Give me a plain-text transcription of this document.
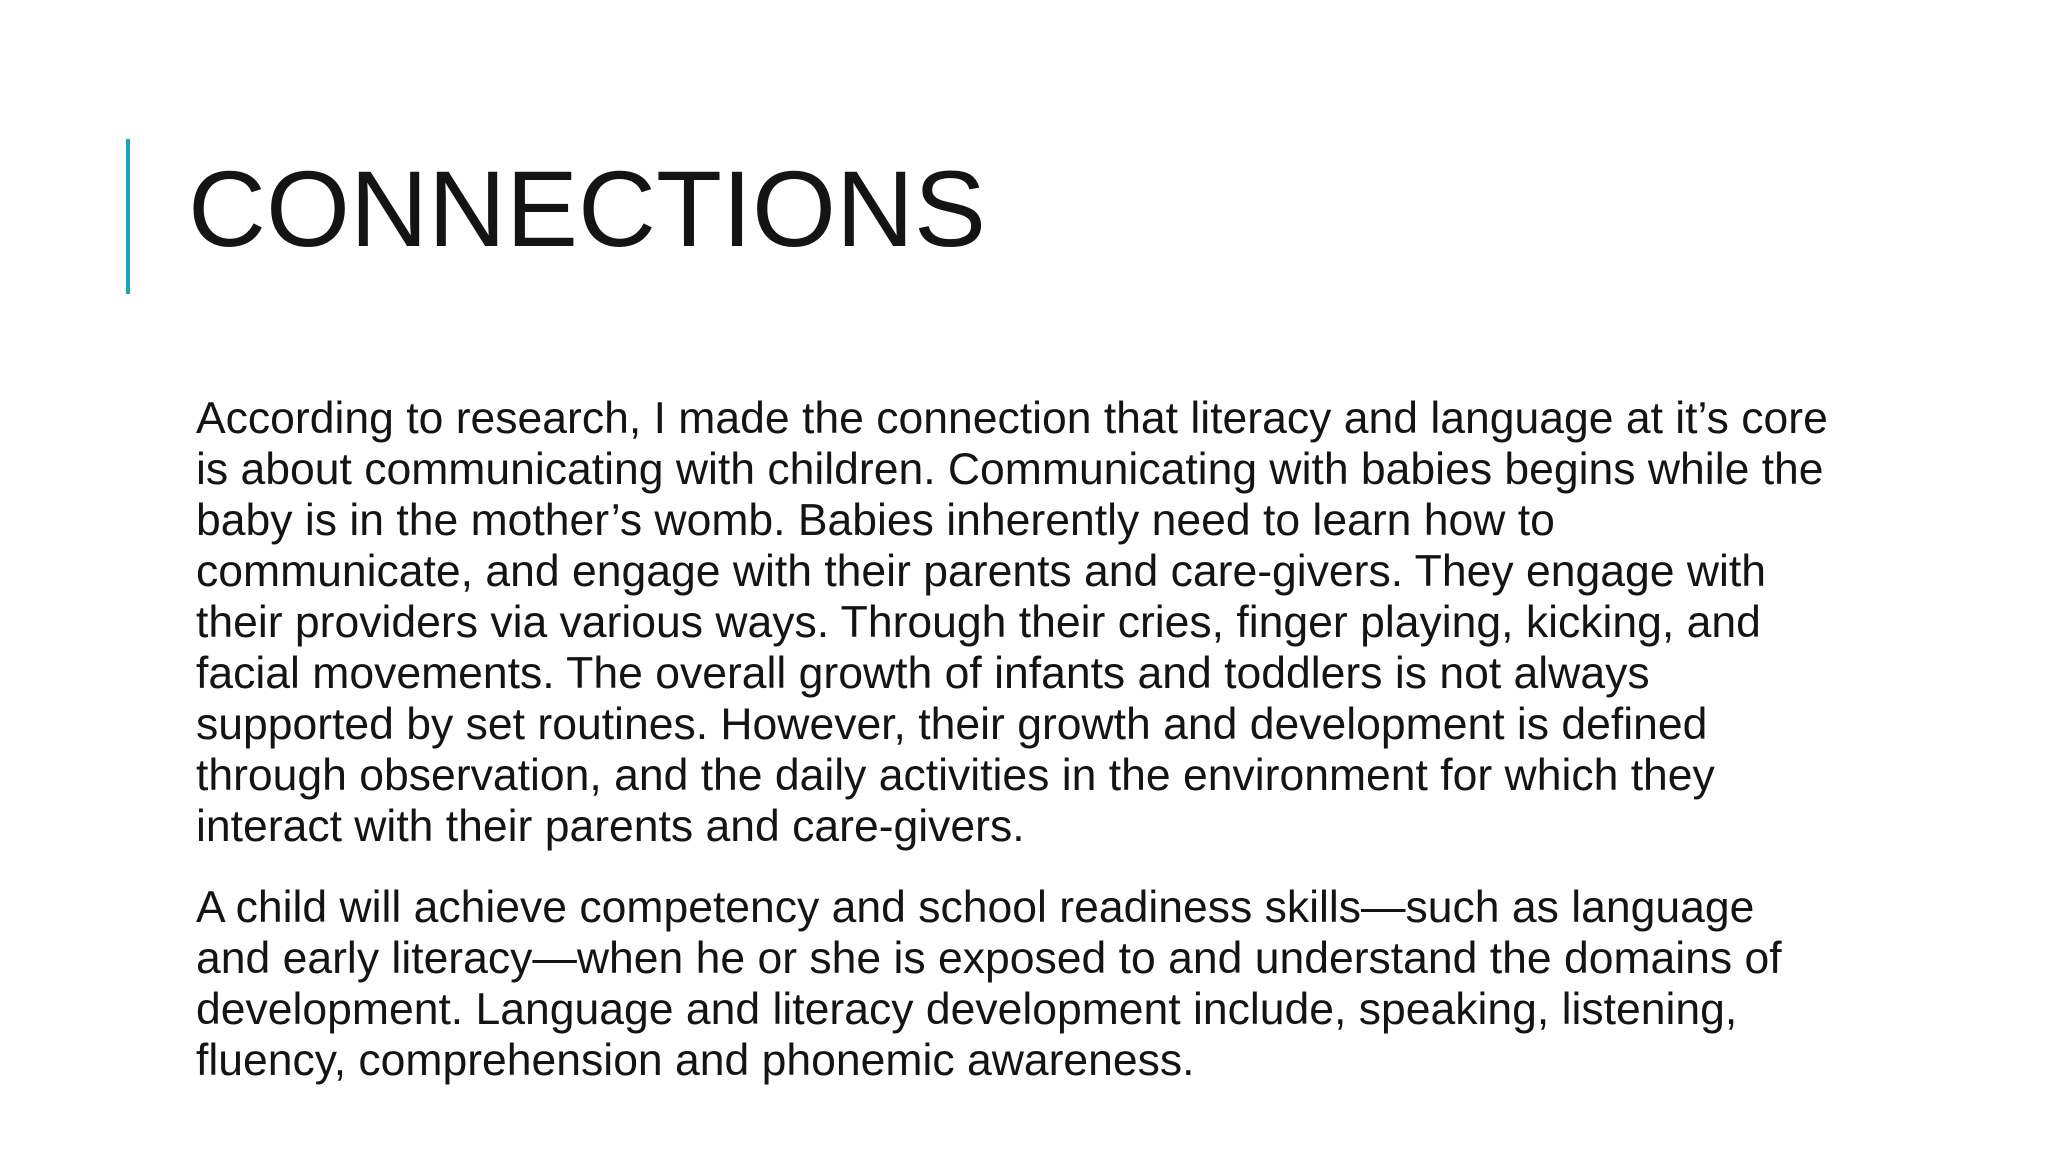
CONNECTIONS

According to research, I made the connection that literacy and language at it’s core is about communicating with children. Communicating with babies begins while the baby is in the mother’s womb. Babies inherently need to learn how to communicate, and engage with their parents and care-givers. They engage with their providers via various ways. Through their cries, finger playing, kicking, and facial movements. The overall growth of infants and toddlers is not always supported by set routines. However, their growth and development is defined through observation, and the daily activities in the environment for which they interact with their parents and care-givers.

A child will achieve competency and school readiness skills—such as language and early literacy—when he or she is exposed to and understand the domains of development. Language and literacy development include, speaking, listening, fluency, comprehension and phonemic awareness.
